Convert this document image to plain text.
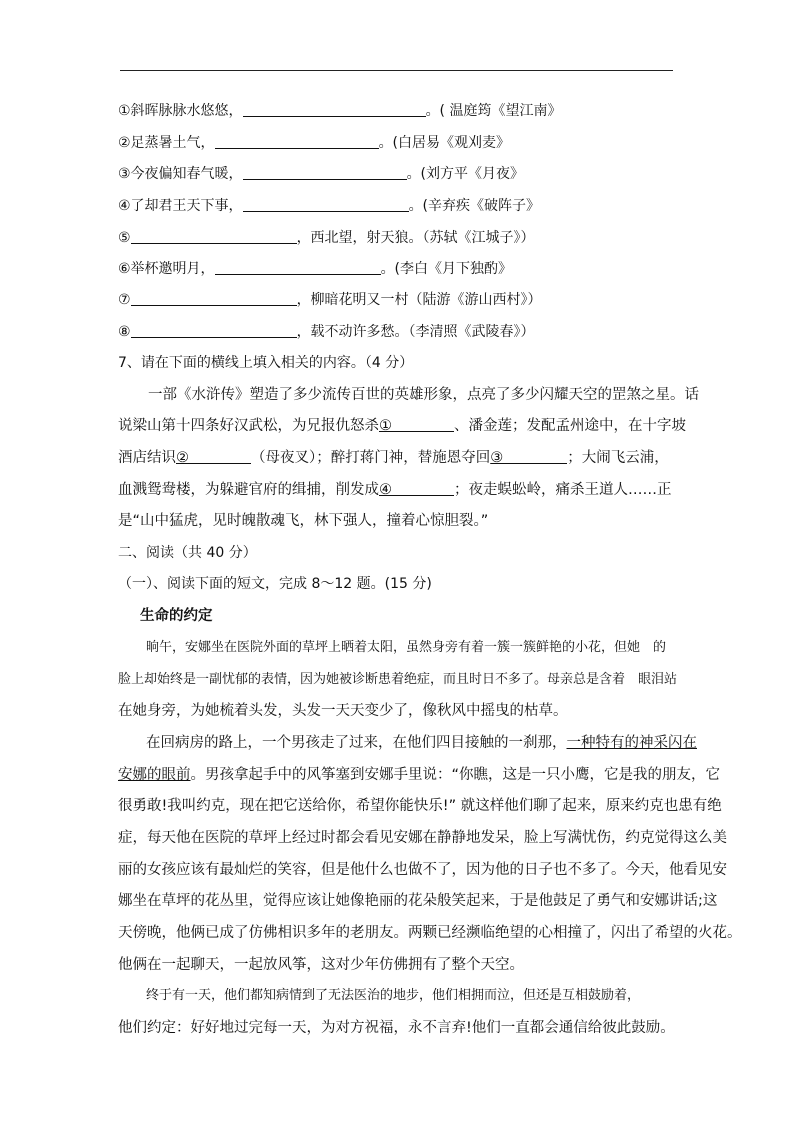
①斜晖脉脉水悠悠，	。( 温庭筠《望江南》
②足蒸暑土气，	。(白居易《观刈麦》
③今夜偏知春气暖，	。(刘方平《月夜》
④了却君王天下事，	。(辛弃疾《破阵子》
⑤	，西北望，射天狼。（苏轼《江城子》）
⑥举杯邀明月，	。(李白《月下独酌》
⑦	，柳暗花明又一村（陆游《游山西村》）
⑧	，载不动许多愁。（李清照《武陵春》）
7、请在下面的横线上填入相关的内容。（4 分）
一部《水浒传》塑造了多少流传百世的英雄形象，点亮了多少闪耀天空的罡煞之星。话
说梁山第十四条好汉武松，为兄报仇怒杀①	、潘金莲；发配孟州途中，在十字坡
酒店结识②	（母夜叉）；醉打蒋门神，替施恩夺回③	；大闹飞云浦，
血溅鸳鸯楼，为躲避官府的缉捕，削发成④	；夜走蜈蚣岭，痛杀王道人……正
是“山中猛虎，见时魄散魂飞，林下强人，撞着心惊胆裂。”
二、阅读（共 40 分）
（一）、阅读下面的短文，完成 8～12 题。(15 分)
生命的约定
晌午，安娜坐在医院外面的草坪上晒着太阳，虽然身旁有着一簇一簇鲜艳的小花，但她　的
脸上却始终是一副忧郁的表情，因为她被诊断患着绝症，而且时日不多了。母亲总是含着　眼泪站
在她身旁，为她梳着头发，头发一天天变少了，像秋风中摇曳的枯草。
在回病房的路上，一个男孩走了过来，在他们四目接触的一刹那，一种特有的神采闪在
安娜的眼前。男孩拿起手中的风筝塞到安娜手里说：“你瞧，这是一只小鹰，它是我的朋友，它
很勇敢!我叫约克，现在把它送给你，希望你能快乐!” 就这样他们聊了起来，原来约克也患有绝
症，每天他在医院的草坪上经过时都会看见安娜在静静地发呆，脸上写满忧伤，约克觉得这么美
丽的女孩应该有最灿烂的笑容，但是他什么也做不了，因为他的日子也不多了。今天，他看见安
娜坐在草坪的花丛里，觉得应该让她像艳丽的花朵般笑起来，于是他鼓足了勇气和安娜讲话;这
天傍晚，他俩已成了仿佛相识多年的老朋友。两颗已经濒临绝望的心相撞了，闪出了希望的火花。
他俩在一起聊天，一起放风筝，这对少年仿佛拥有了整个天空。
终于有一天，他们都知病情到了无法医治的地步，他们相拥而泣，但还是互相鼓励着，
他们约定：好好地过完每一天，为对方祝福，永不言弃!他们一直都会通信给彼此鼓励。
